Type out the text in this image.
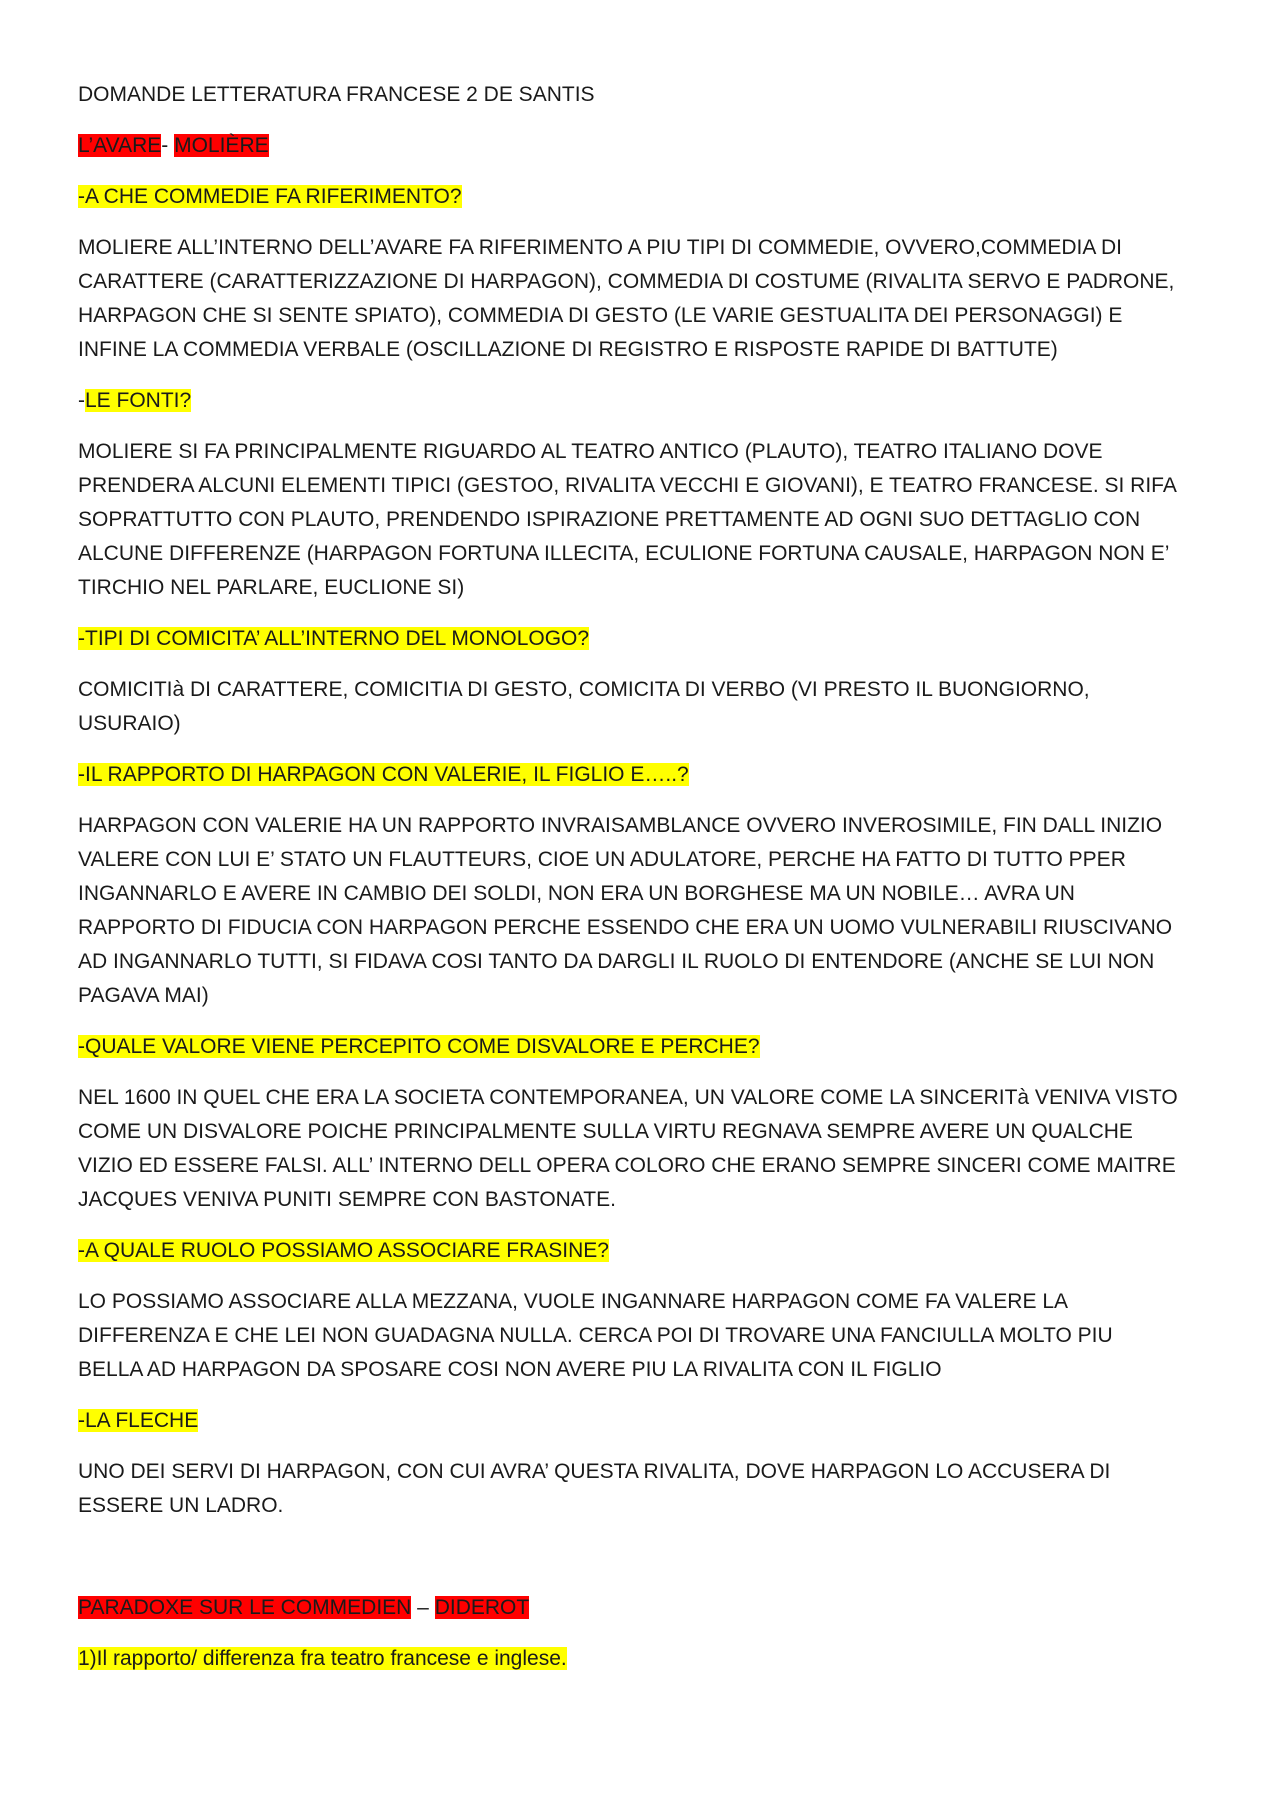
DOMANDE LETTERATURA FRANCESE 2 DE SANTIS

L’AVARE- MOLIÈRE

-A CHE COMMEDIE FA RIFERIMENTO?

MOLIERE ALL’INTERNO DELL’AVARE FA RIFERIMENTO A PIU TIPI DI COMMEDIE, OVVERO,COMMEDIA DI
CARATTERE (CARATTERIZZAZIONE DI HARPAGON), COMMEDIA DI COSTUME (RIVALITA SERVO E PADRONE,
HARPAGON CHE SI SENTE SPIATO), COMMEDIA DI GESTO (LE VARIE GESTUALITA DEI PERSONAGGI) E
INFINE LA COMMEDIA VERBALE (OSCILLAZIONE DI REGISTRO E RISPOSTE RAPIDE DI BATTUTE)

-LE FONTI?

MOLIERE SI FA PRINCIPALMENTE RIGUARDO AL TEATRO ANTICO (PLAUTO), TEATRO ITALIANO DOVE
PRENDERA ALCUNI ELEMENTI TIPICI (GESTOO, RIVALITA VECCHI E GIOVANI), E TEATRO FRANCESE. SI RIFA
SOPRATTUTTO CON PLAUTO, PRENDENDO ISPIRAZIONE PRETTAMENTE AD OGNI SUO DETTAGLIO CON
ALCUNE DIFFERENZE (HARPAGON FORTUNA ILLECITA, ECULIONE FORTUNA CAUSALE, HARPAGON NON E’
TIRCHIO NEL PARLARE, EUCLIONE SI)

-TIPI DI COMICITA’ ALL’INTERNO DEL MONOLOGO?

COMICITIà DI CARATTERE, COMICITIA DI GESTO, COMICITA DI VERBO (VI PRESTO IL BUONGIORNO,
USURAIO)

-IL RAPPORTO DI HARPAGON CON VALERIE, IL FIGLIO E…..?

HARPAGON CON VALERIE HA UN RAPPORTO INVRAISAMBLANCE OVVERO INVEROSIMILE, FIN DALL INIZIO
VALERE CON LUI E’ STATO UN FLAUTTEURS, CIOE UN ADULATORE, PERCHE HA FATTO DI TUTTO PPER
INGANNARLO E AVERE IN CAMBIO DEI SOLDI, NON ERA UN BORGHESE MA UN NOBILE… AVRA UN
RAPPORTO DI FIDUCIA CON HARPAGON PERCHE ESSENDO CHE ERA UN UOMO VULNERABILI RIUSCIVANO
AD INGANNARLO TUTTI, SI FIDAVA COSI TANTO DA DARGLI IL RUOLO DI ENTENDORE (ANCHE SE LUI NON
PAGAVA MAI)

-QUALE VALORE VIENE PERCEPITO COME DISVALORE E PERCHE?

NEL 1600 IN QUEL CHE ERA LA SOCIETA CONTEMPORANEA, UN VALORE COME LA SINCERITà VENIVA VISTO
COME UN DISVALORE POICHE PRINCIPALMENTE SULLA VIRTU REGNAVA SEMPRE AVERE UN QUALCHE
VIZIO ED ESSERE FALSI. ALL’ INTERNO DELL OPERA COLORO CHE ERANO SEMPRE SINCERI COME MAITRE
JACQUES VENIVA PUNITI SEMPRE CON BASTONATE.

-A QUALE RUOLO POSSIAMO ASSOCIARE FRASINE?

LO POSSIAMO ASSOCIARE ALLA MEZZANA, VUOLE INGANNARE HARPAGON COME FA VALERE LA
DIFFERENZA E CHE LEI NON GUADAGNA NULLA. CERCA POI DI TROVARE UNA FANCIULLA MOLTO PIU
BELLA AD HARPAGON DA SPOSARE COSI NON AVERE PIU LA RIVALITA CON IL FIGLIO

-LA FLECHE

UNO DEI SERVI DI HARPAGON, CON CUI AVRA’ QUESTA RIVALITA, DOVE HARPAGON LO ACCUSERA DI
ESSERE UN LADRO.

PARADOXE SUR LE COMMEDIEN – DIDEROT

1)Il rapporto/ differenza fra teatro francese e inglese.
